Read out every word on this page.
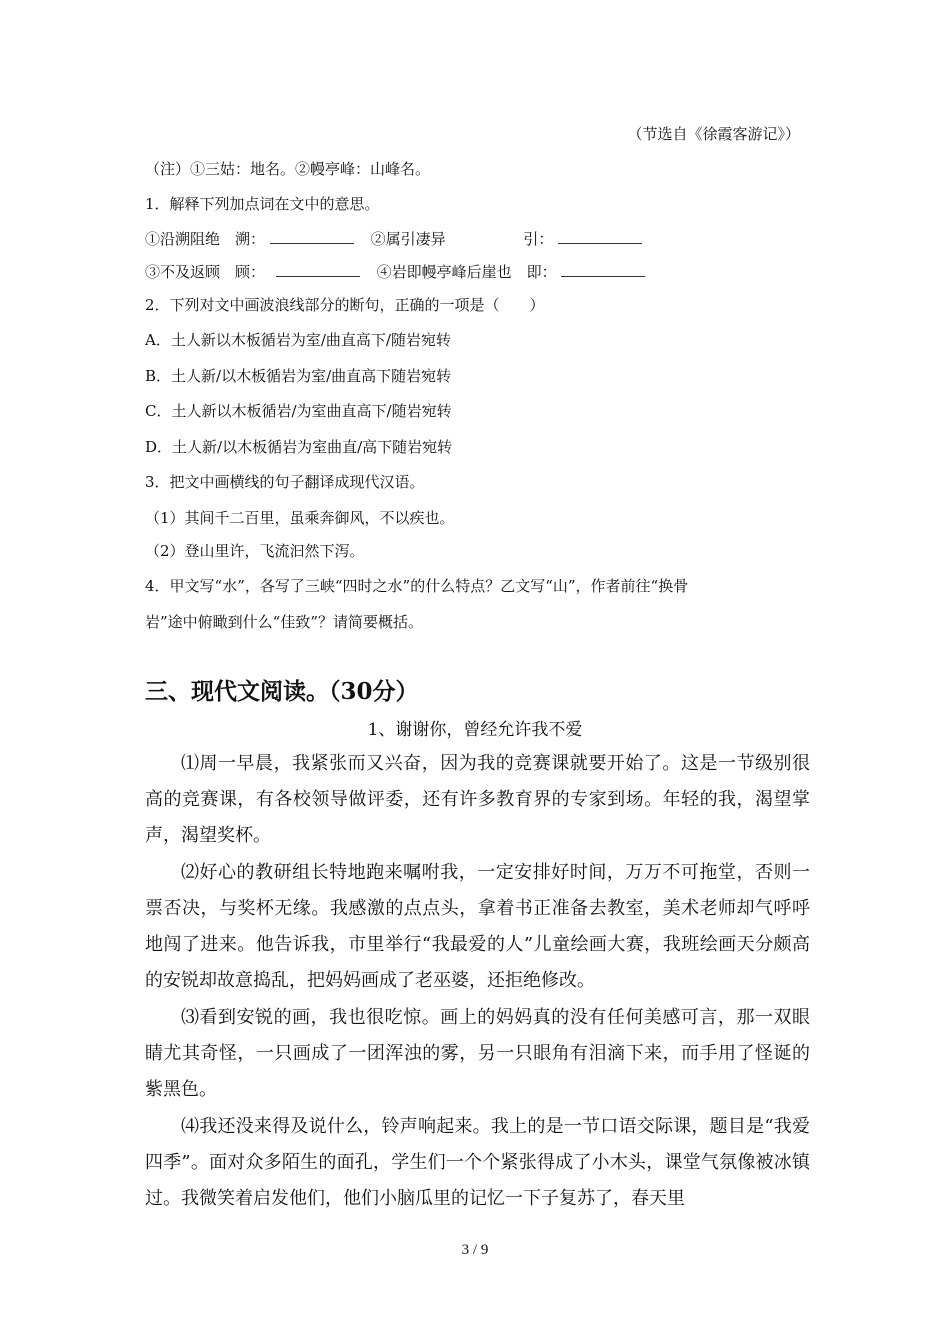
（节选自《徐霞客游记》）
（注）①三姑：地名。②幔亭峰：山峰名。
1．解释下列加点词在文中的意思。
①沿溯阻绝　溯：	②属引凄异	引：
③不及返顾　顾：	④岩即幔亭峰后崖也　即：
2．下列对文中画波浪线部分的断句，正确的一项是（　　）
A．土人新以木板循岩为室/曲直高下/随岩宛转
B．土人新/以木板循岩为室/曲直高下随岩宛转
C．土人新以木板循岩/为室曲直高下/随岩宛转
D．土人新/以木板循岩为室曲直/高下随岩宛转
3．把文中画横线的句子翻译成现代汉语。
（1）其间千二百里，虽乘奔御风，不以疾也。
（2）登山里许，飞流汩然下泻。
4．甲文写“水”，各写了三峡“四时之水”的什么特点？乙文写“山”，作者前往“换骨
岩”途中俯瞰到什么“佳致”？请简要概括。
三、现代文阅读。（30分）
1、谢谢你，曾经允许我不爱
⑴周一早晨，我紧张而又兴奋，因为我的竞赛课就要开始了。这是一节级别很高的竞赛课，有各校领导做评委，还有许多教育界的专家到场。年轻的我，渴望掌声，渴望奖杯。
⑵好心的教研组长特地跑来嘱咐我，一定安排好时间，万万不可拖堂，否则一票否决，与奖杯无缘。我感激的点点头，拿着书正准备去教室，美术老师却气呼呼地闯了进来。他告诉我，市里举行“我最爱的人”儿童绘画大赛，我班绘画天分颇高的安锐却故意捣乱，把妈妈画成了老巫婆，还拒绝修改。
⑶看到安锐的画，我也很吃惊。画上的妈妈真的没有任何美感可言，那一双眼睛尤其奇怪，一只画成了一团浑浊的雾，另一只眼角有泪滴下来，而手用了怪诞的紫黑色。
⑷我还没来得及说什么，铃声响起来。我上的是一节口语交际课，题目是“我爱四季”。面对众多陌生的面孔，学生们一个个紧张得成了小木头，课堂气氛像被冰镇过。我微笑着启发他们，他们小脑瓜里的记忆一下子复苏了，春天里
3 / 9
